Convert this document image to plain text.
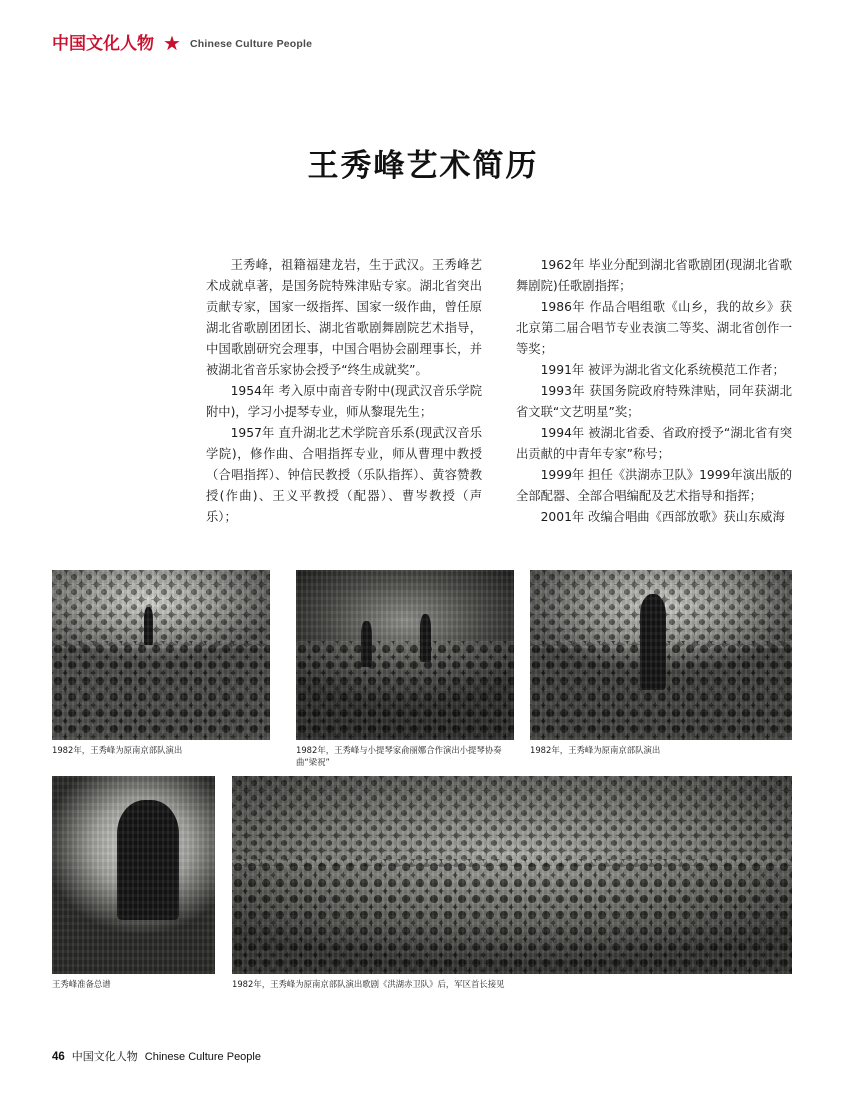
中国文化人物 ★ Chinese Culture People
王秀峰艺术简历

王秀峰，祖籍福建龙岩，生于武汉。王秀峰艺术成就卓著，是国务院特殊津贴专家。湖北省突出贡献专家，国家一级指挥、国家一级作曲，曾任原湖北省歌剧团团长、湖北省歌剧舞剧院艺术指导，中国歌剧研究会理事，中国合唱协会副理事长，并被湖北省音乐家协会授予“终生成就奖”。

1954年 考入原中南音专附中(现武汉音乐学院附中)，学习小提琴专业，师从黎琨先生；

1957年 直升湖北艺术学院音乐系(现武汉音乐学院)，修作曲、合唱指挥专业，师从曹理中教授（合唱指挥）、钟信民教授（乐队指挥）、黄容赞教授(作曲)、王义平教授（配器）、曹岑教授（声乐）；

1962年 毕业分配到湖北省歌剧团(现湖北省歌舞剧院)任歌剧指挥；

1986年 作品合唱组歌《山乡，我的故乡》获北京第二届合唱节专业表演二等奖、湖北省创作一等奖；

1991年 被评为湖北省文化系统模范工作者；

1993年 获国务院政府特殊津贴，同年获湖北省文联“文艺明星”奖；

1994年 被湖北省委、省政府授予“湖北省有突出贡献的中青年专家”称号；

1999年 担任《洪湖赤卫队》1999年演出版的全部配器、全部合唱编配及艺术指导和指挥；

2001年 改编合唱曲《西部放歌》获山东威海

1982年，王秀峰为原南京部队演出	1982年，王秀峰与小提琴家俞丽娜合作演出小提琴协奏曲“梁祝”
1982年，王秀峰为原南京部队演出
王秀峰准备总谱	1982年，王秀峰为原南京部队演出歌剧《洪湖赤卫队》后，军区首长接见
46 中国文化人物 Chinese Culture People
